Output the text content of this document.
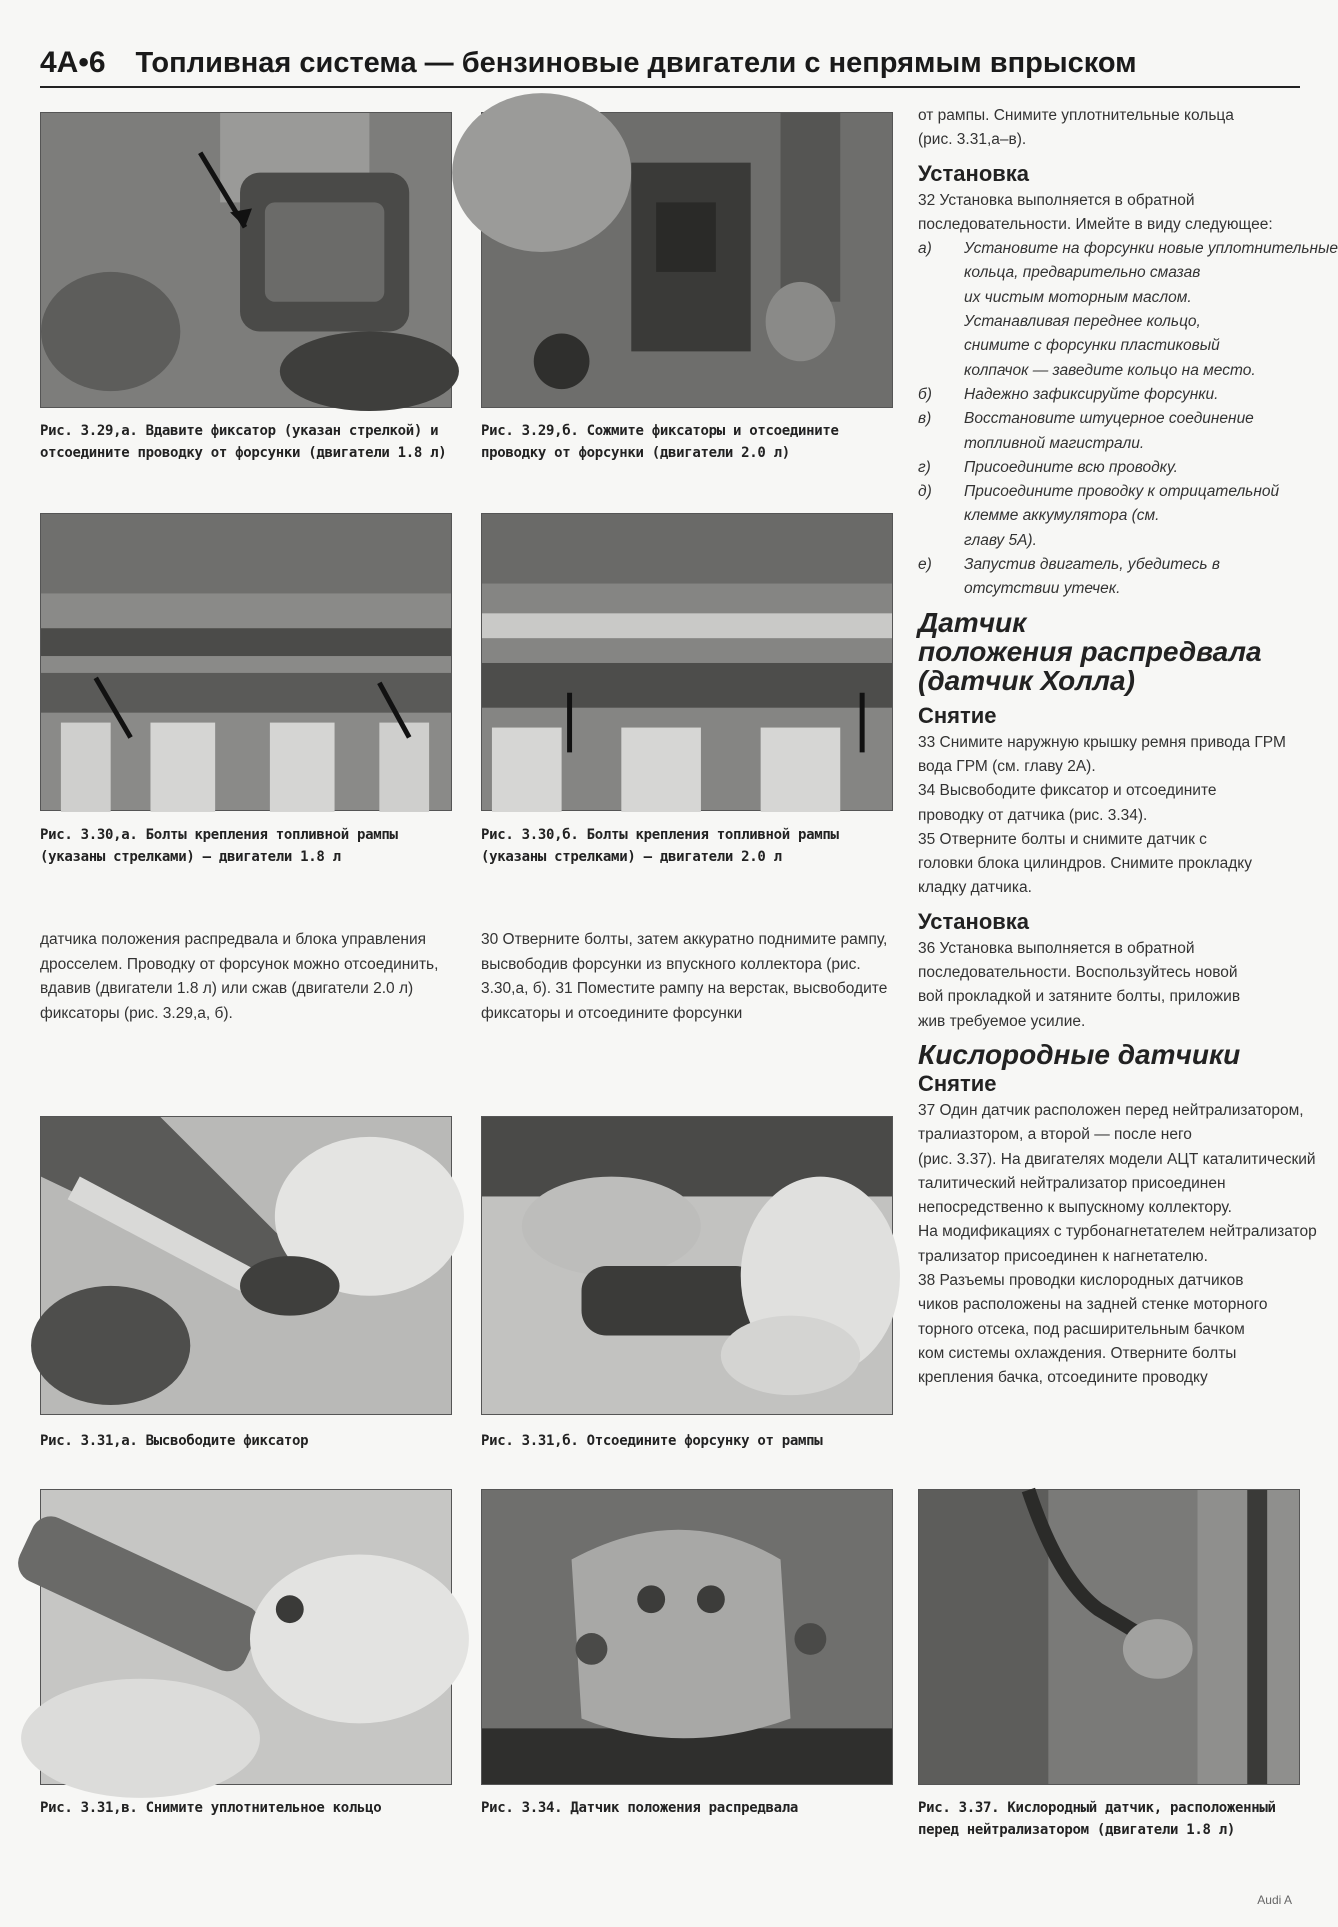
4A•6 Топливная система — бензиновые двигатели с непрямым впрыском
Рис. 3.29,а. Вдавите фиксатор (указан стрелкой) и отсоедините проводку от форсунки (двигатели 1.8 л)
Рис. 3.29,б. Сожмите фиксаторы и отсоедините проводку от форсунки (двигатели 2.0 л)
Рис. 3.30,а. Болты крепления топливной рампы (указаны стрелками) — двигатели 1.8 л
Рис. 3.30,б. Болты крепления топливной рампы (указаны стрелками) — двигатели 2.0 л
датчика положения распредвала и блока управления дросселем. Проводку от форсунок можно отсоединить, вдавив (двигатели 1.8 л) или сжав (двигатели 2.0 л) фиксаторы (рис. 3.29,а, б).
30 Отверните болты, затем аккуратно поднимите рампу, высвободив форсунки из впускного коллектора (рис. 3.30,а, б). 31 Поместите рампу на верстак, высвободите фиксаторы и отсоедините форсунки
Рис. 3.31,а. Высвободите фиксатор	Рис. 3.31,б. Отсоедините форсунку от рампы
Рис. 3.31,в. Снимите уплотнительное кольцо	Рис. 3.34. Датчик положения распредвала	Рис. 3.37. Кислородный датчик, расположенный перед нейтрализатором (двигатели 1.8 л)
от рампы. Снимите уплотнительные кольца
(рис. 3.31,а–в).
Установка
32 Установка выполняется в обратной
последовательности. Имейте в виду следующее:
а)	Установите на форсунки новые уплотнительные
кольца, предварительно смазав
их чистым моторным маслом.
Устанавливая переднее кольцо,
снимите с форсунки пластиковый
колпачок — заведите кольцо на место.
б)	Надежно зафиксируйте форсунки.
в)	Восстановите штуцерное соединение
топливной магистрали.
г)	Присоедините всю проводку.
д)	Присоедините проводку к отрицательной
клемме аккумулятора (см.
главу 5А).
е)	Запустив двигатель, убедитесь в
отсутствии утечек.
Датчик
положения распредвала
(датчик Холла)
Снятие
33 Снимите наружную крышку ремня привода ГРМ
вода ГРМ (см. главу 2А).
34 Высвободите фиксатор и отсоедините
проводку от датчика (рис. 3.34).
35 Отверните болты и снимите датчик с
головки блока цилиндров. Снимите прокладку
кладку датчика.
Установка
36 Установка выполняется в обратной
последовательности. Воспользуйтесь новой
вой прокладкой и затяните болты, приложив
жив требуемое усилие.
Кислородные датчики
Снятие
37 Один датчик расположен перед нейтрализатором,
тралиазтором, а второй — после него
(рис. 3.37). На двигателях модели АЦТ каталитический
талитический нейтрализатор присоединен
непосредственно к выпускному коллектору.
На модификациях с турбонагнетателем нейтрализатор
трализатор присоединен к нагнетателю.
38 Разъемы проводки кислородных датчиков
чиков расположены на задней стенке моторного
торного отсека, под расширительным бачком
ком системы охлаждения. Отверните болты
крепления бачка, отсоедините проводку
Audi A
